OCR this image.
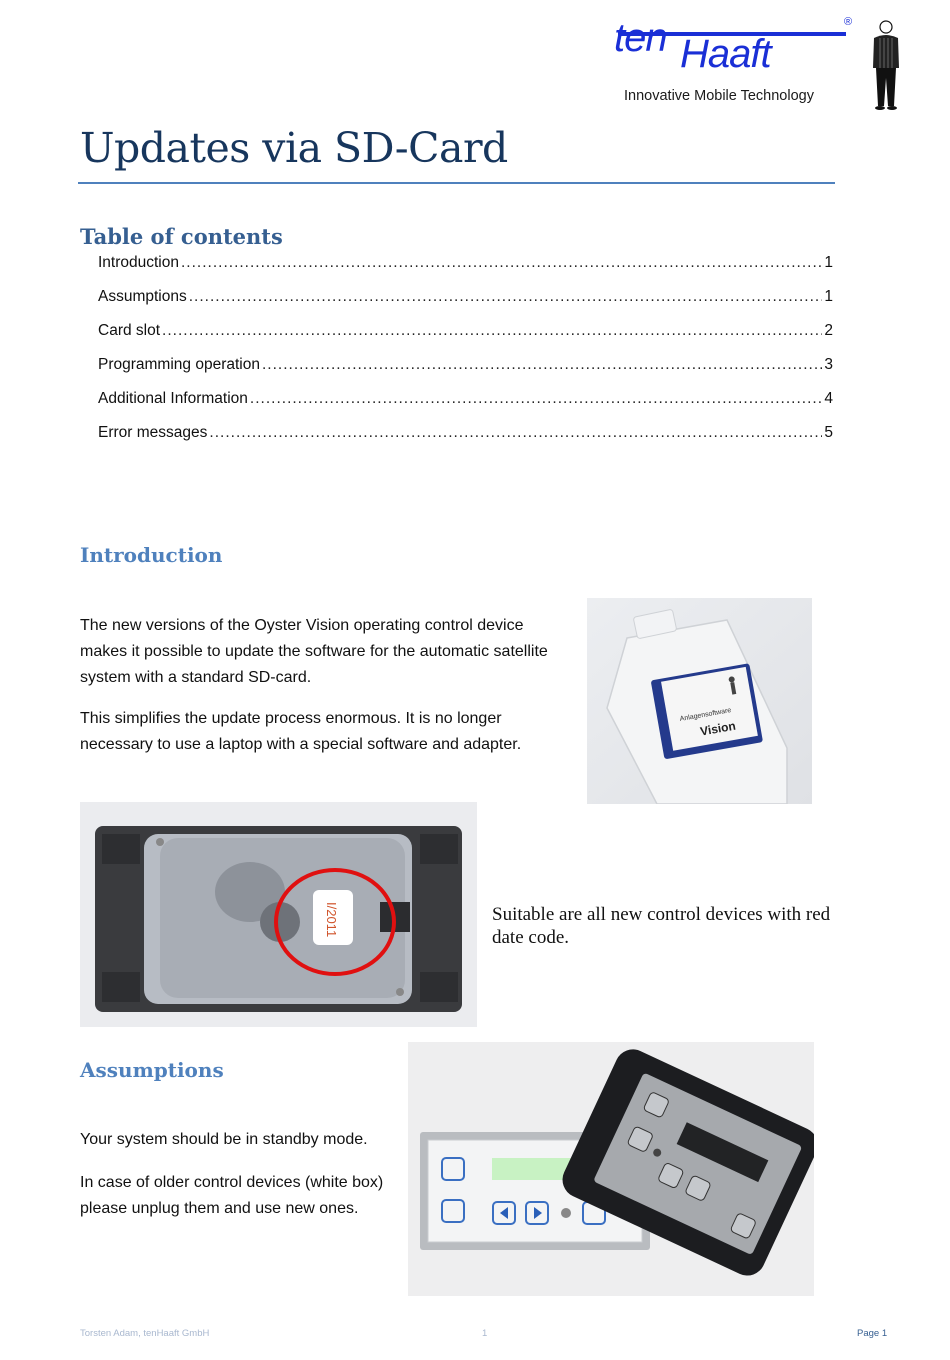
ten Haaft
®
Innovative Mobile Technology
Updates via SD-Card
Table of contents
Introduction .....	1
Assumptions .....	1
Card slot .....	2
Programming operation .....	3
Additional Information .....	4
Error messages .....	5
Introduction
The new versions of the Oyster Vision operating control device makes it possible to update the software for the automatic satellite system with a standard SD-card.
This simplifies the update process enormous. It is no longer necessary to use a laptop with a special software and adapter.
Anlagensoftware
Vision
I/2011	Suitable are all new control devices with red date code.
Assumptions
Your system should be in standby mode.
In case of older control devices (white box) please unplug them and use new ones.
Torsten Adam, tenHaaft GmbH	1	Page 1
